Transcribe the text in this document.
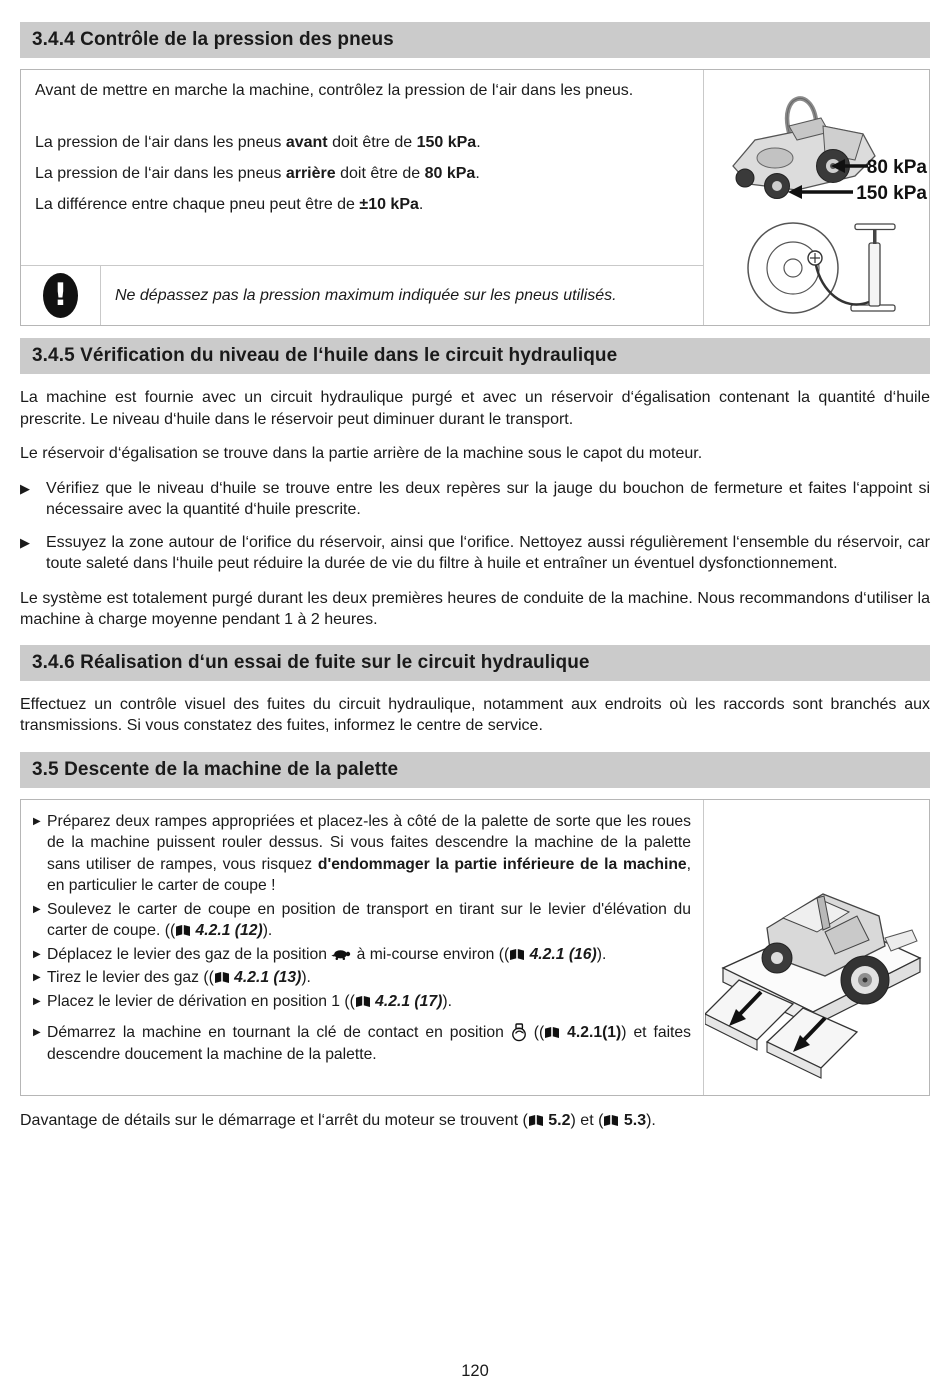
3.4.4 Contrôle de la pression des pneus

Avant de mettre en marche la machine, contrôlez la pression de l‘air dans les pneus.

La pression de l‘air dans les pneus avant doit être de 150 kPa.

La pression de l‘air dans les pneus arrière doit être de 80 kPa.

La différence entre chaque pneu peut être de ±10 kPa.

80 kPa
150 kPa
!	Ne dépassez pas la pression maximum indiquée sur les pneus utilisés.
3.4.5 Vérification du niveau de l‘huile dans le circuit hydraulique

La machine est fournie avec un circuit hydraulique purgé et avec un réservoir d‘égalisation contenant la quantité d‘huile prescrite. Le niveau d‘huile dans le réservoir peut diminuer durant le transport.

Le réservoir d‘égalisation se trouve dans la partie arrière de la machine sous le capot du moteur.

▶ Vérifiez que le niveau d‘huile se trouve entre les deux repères sur la jauge du bouchon de fermeture et faites l‘appoint si nécessaire avec la quantité d‘huile prescrite.
▶ Essuyez la zone autour de l‘orifice du réservoir, ainsi que l‘orifice. Nettoyez aussi régulièrement l‘ensemble du réservoir, car toute saleté dans l‘huile peut réduire la durée de vie du filtre à huile et entraîner un éventuel dysfonctionnement.

Le système est totalement purgé durant les deux premières heures de conduite de la machine. Nous recommandons d‘utiliser la machine à charge moyenne pendant 1 à 2 heures.

3.4.6 Réalisation d‘un essai de fuite sur le circuit hydraulique

Effectuez un contrôle visuel des fuites du circuit hydraulique, notamment aux endroits où les raccords sont branchés aux transmissions. Si vous constatez des fuites, informez le centre de service.

3.5 Descente de la machine de la palette
▶ Préparez deux rampes appropriées et placez-les à côté de la palette de sorte que les roues de la machine puissent rouler dessus. Si vous faites descendre la machine de la palette sans utiliser de rampes, vous risquez d'endommager la partie inférieure de la machine, en particulier le carter de coupe !
▶ Soulevez le carter de coupe en position de transport en tirant sur le levier d'élévation du carter de coupe. (( 4.2.1 (12)).
▶ Déplacez le levier des gaz de la position  à mi-course environ (( 4.2.1 (16)).
▶ Tirez le levier des gaz (( 4.2.1 (13)).
▶ Placez le levier de dérivation en position 1 (( 4.2.1 (17)).
▶ Démarrez la machine en tournant la clé de contact en position  (( 4.2.1(1)) et faites descendre doucement la machine de la palette.

Davantage de détails sur le démarrage et l‘arrêt du moteur se trouvent ( 5.2) et ( 5.3).

120
